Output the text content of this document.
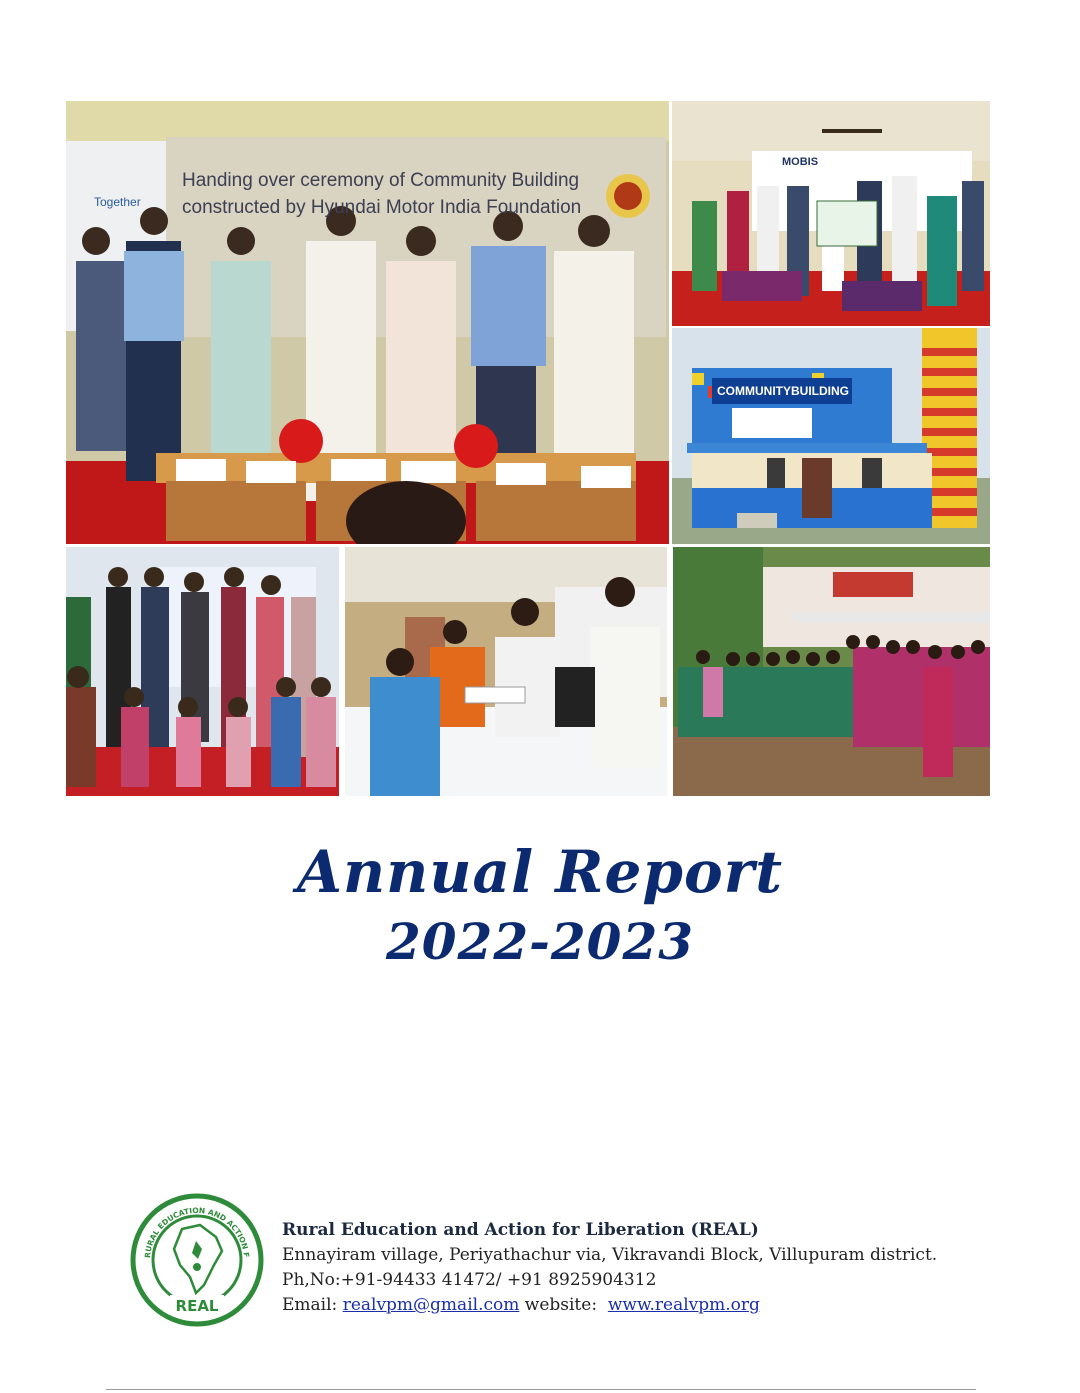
Handing over ceremony of Community Building
constructed by Hyundai Motor India Foundation
Together
MOBIS
COMMUNITYBUILDING
Annual Report
2022-2023
RURAL EDUCATION AND ACTION F
REAL
Rural Education and Action for Liberation (REAL)
Ennayiram village, Periyathachur via, Vikravandi Block, Villupuram district.
Ph,No:+91-94433 41472/ +91 8925904312
Email: realvpm@gmail.com website: www.realvpm.org
